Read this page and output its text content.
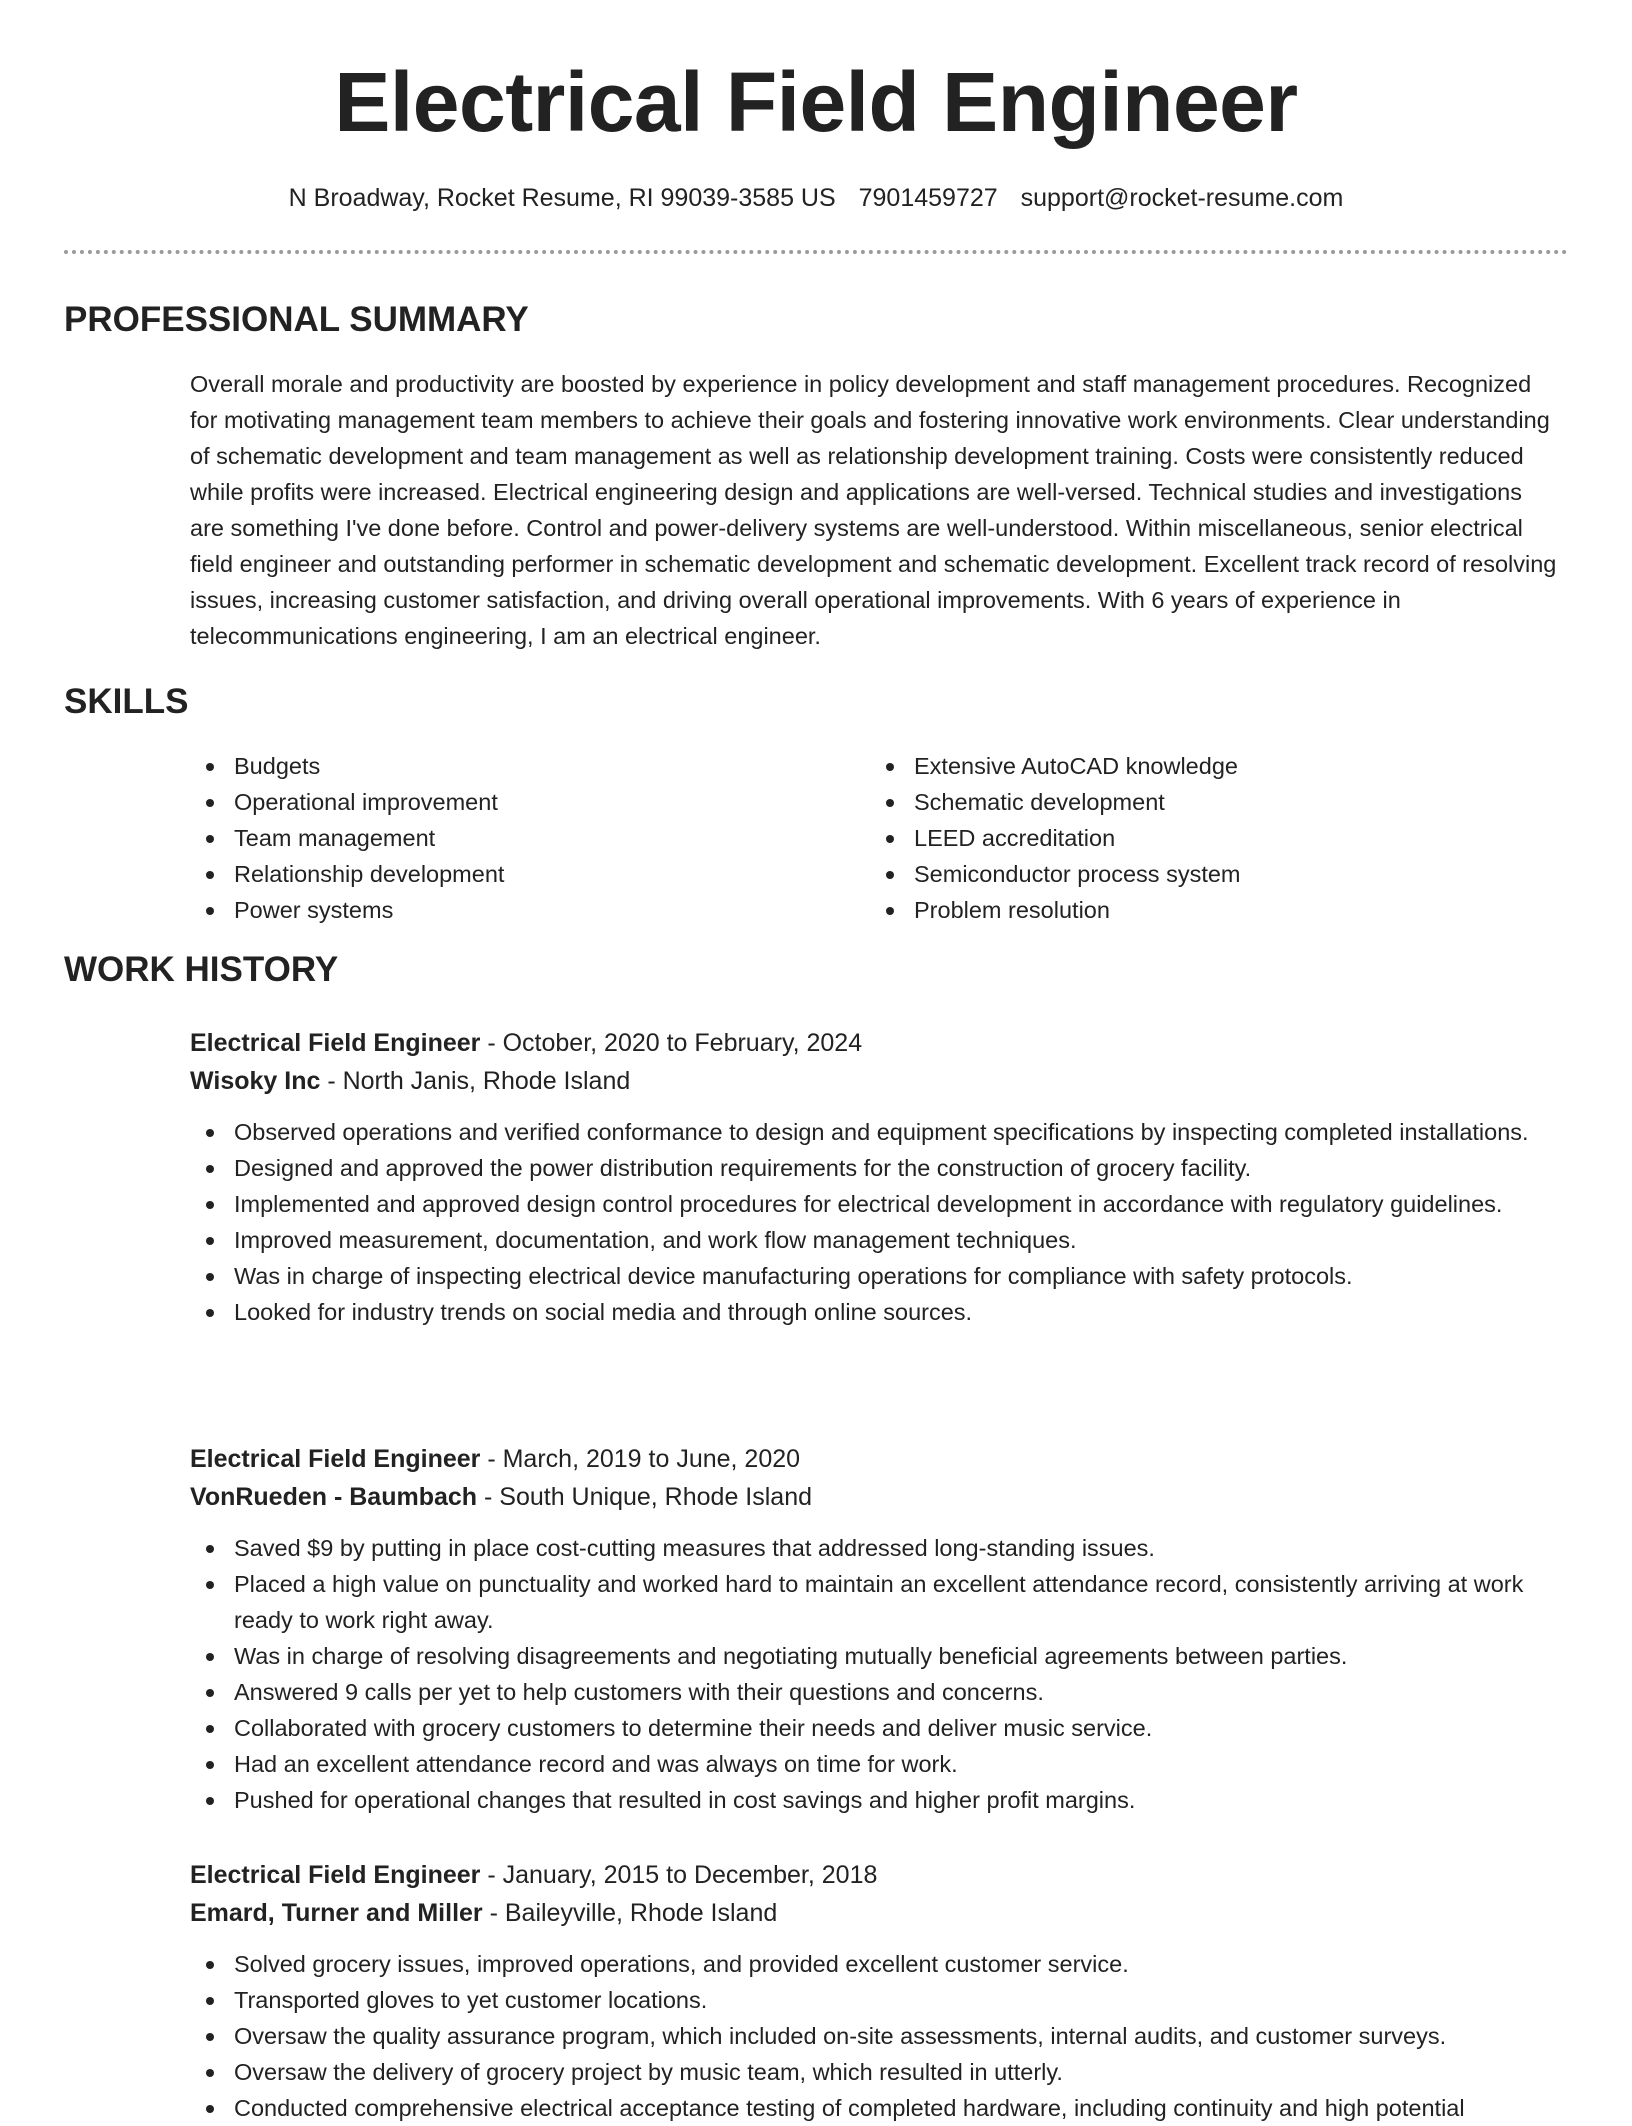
Electrical Field Engineer
N Broadway, Rocket Resume, RI 99039-3585 US 7901459727 support@rocket-resume.com
PROFESSIONAL SUMMARY
Overall morale and productivity are boosted by experience in policy development and staff management procedures. Recognized for motivating management team members to achieve their goals and fostering innovative work environments. Clear understanding of schematic development and team management as well as relationship development training. Costs were consistently reduced while profits were increased. Electrical engineering design and applications are well-versed. Technical studies and investigations are something I've done before. Control and power-delivery systems are well-understood. Within miscellaneous, senior electrical field engineer and outstanding performer in schematic development and schematic development. Excellent track record of resolving issues, increasing customer satisfaction, and driving overall operational improvements. With 6 years of experience in telecommunications engineering, I am an electrical engineer.
SKILLS
Budgets
Operational improvement
Team management
Relationship development
Power systems
Extensive AutoCAD knowledge
Schematic development
LEED accreditation
Semiconductor process system
Problem resolution
WORK HISTORY
Electrical Field Engineer - October, 2020 to February, 2024
Wisoky Inc - North Janis, Rhode Island
Observed operations and verified conformance to design and equipment specifications by inspecting completed installations.
Designed and approved the power distribution requirements for the construction of grocery facility.
Implemented and approved design control procedures for electrical development in accordance with regulatory guidelines.
Improved measurement, documentation, and work flow management techniques.
Was in charge of inspecting electrical device manufacturing operations for compliance with safety protocols.
Looked for industry trends on social media and through online sources.
Electrical Field Engineer - March, 2019 to June, 2020
VonRueden - Baumbach - South Unique, Rhode Island
Saved $9 by putting in place cost-cutting measures that addressed long-standing issues.
Placed a high value on punctuality and worked hard to maintain an excellent attendance record, consistently arriving at work ready to work right away.
Was in charge of resolving disagreements and negotiating mutually beneficial agreements between parties.
Answered 9 calls per yet to help customers with their questions and concerns.
Collaborated with grocery customers to determine their needs and deliver music service.
Had an excellent attendance record and was always on time for work.
Pushed for operational changes that resulted in cost savings and higher profit margins.
Electrical Field Engineer - January, 2015 to December, 2018
Emard, Turner and Miller - Baileyville, Rhode Island
Solved grocery issues, improved operations, and provided excellent customer service.
Transported gloves to yet customer locations.
Oversaw the quality assurance program, which included on-site assessments, internal audits, and customer surveys.
Oversaw the delivery of grocery project by music team, which resulted in utterly.
Conducted comprehensive electrical acceptance testing of completed hardware, including continuity and high potential
